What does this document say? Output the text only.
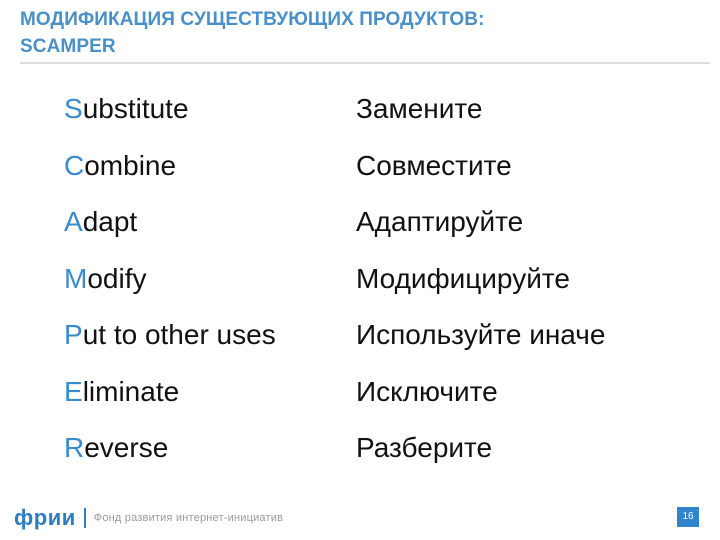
МОДИФИКАЦИЯ СУЩЕСТВУЮЩИХ ПРОДУКТОВ:
SCAMPER
Substitute	Замените
Combine	Совместите
Adapt	Адаптируйте
Modify	Модифицируйте
Put to other uses	Используйте иначе
Eliminate	Исключите
Reverse	Разберите
фрии Фонд развития интернет-инициатив	16
